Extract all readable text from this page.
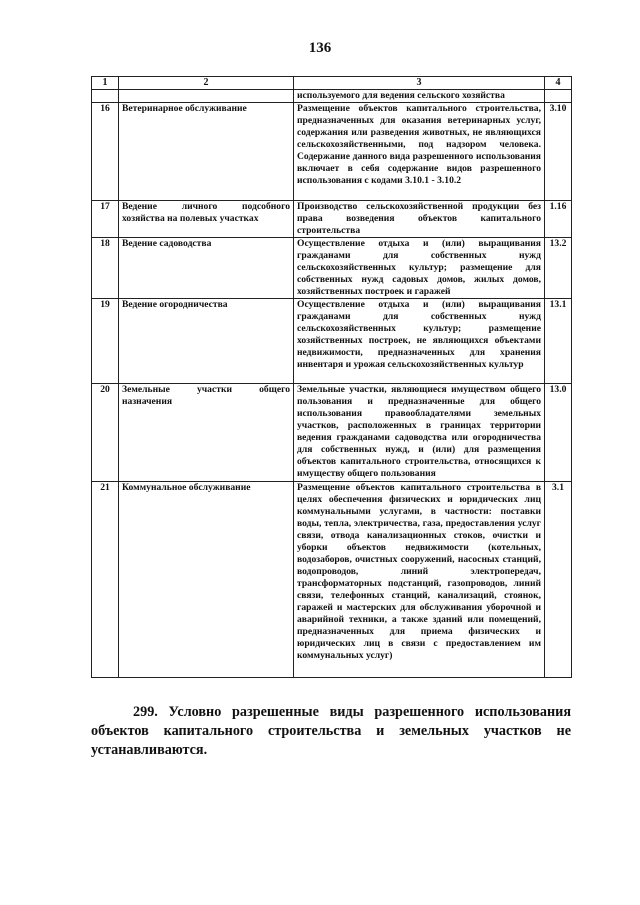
136
1	2	3	4
		используемого для ведения сельского хозяйства	
16	Ветеринарное обслуживание	Размещение объектов капитального строительства, предназначенных для оказания ветеринарных услуг, содержания или разведения животных, не являющихся сельскохозяйственными, под надзором человека. Содержание данного вида разрешенного использования включает в себя содержание видов разрешенного использования с кодами 3.10.1 - 3.10.2	3.10
17	Ведение личного подсобного хозяйства на полевых участках	Производство сельскохозяйственной продукции без права возведения объектов капитального строительства	1.16
18	Ведение садоводства	Осуществление отдыха и (или) выращивания гражданами для собственных нужд сельскохозяйственных культур; размещение для собственных нужд садовых домов, жилых домов, хозяйственных построек и гаражей	13.2
19	Ведение огородничества	Осуществление отдыха и (или) выращивания гражданами для собственных нужд сельскохозяйственных культур; размещение хозяйственных построек, не являющихся объектами недвижимости, предназначенных для хранения инвентаря и урожая сельскохозяйственных культур	13.1
20	Земельные участки общего назначения	Земельные участки, являющиеся имуществом общего пользования и предназначенные для общего использования правообладателями земельных участков, расположенных в границах территории ведения гражданами садоводства или огородничества для собственных нужд, и (или) для размещения объектов капитального строительства, относящихся к имуществу общего пользования	13.0
21	Коммунальное обслуживание	Размещение объектов капитального строительства в целях обеспечения физических и юридических лиц коммунальными услугами, в частности: поставки воды, тепла, электричества, газа, предоставления услуг связи, отвода канализационных стоков, очистки и уборки объектов недвижимости (котельных, водозаборов, очистных сооружений, насосных станций, водопроводов, линий электропередач, трансформаторных подстанций, газопроводов, линий связи, телефонных станций, канализаций, стоянок, гаражей и мастерских для обслуживания уборочной и аварийной техники, а также зданий или помещений, предназначенных для приема физических и юридических лиц в связи с предоставлением им коммунальных услуг)	3.1
299. Условно разрешенные виды разрешенного использования объектов капитального строительства и земельных участков не устанавливаются.
